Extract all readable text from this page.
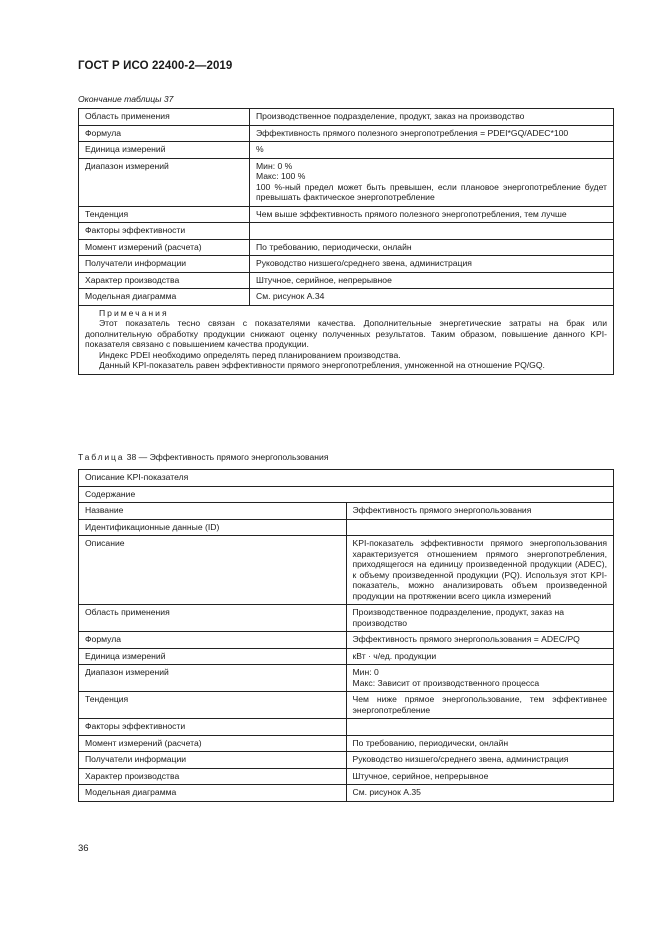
ГОСТ Р ИСО 22400-2—2019
Окончание таблицы 37
Область применения	Производственное подразделение, продукт, заказ на производство

Формула	Эффективность прямого полезного энергопотребления = PDEI*GQ/ADEC*100

Единица измерений	%

Диапазон измерений	Мин: 0 %
Макс: 100 %
100 %-ный предел может быть превышен, если плановое энергопотребление будет превышать фактическое энергопотребление

Тенденция	Чем выше эффективность прямого полезного энергопотребления, тем лучше

Факторы эффективности	

Момент измерений (расчета)	По требованию, периодически, онлайн

Получатели информации	Руководство низшего/среднего звена, администрация

Характер производства	Штучное, серийное, непрерывное

Модельная диаграмма	См. рисунок А.34

Примечания
Этот показатель тесно связан с показателями качества. Дополнительные энергетические затраты на брак или дополнительную обработку продукции снижают оценку полученных результатов. Таким образом, повышение данного KPI-показателя связано с повышением качества продукции.
Индекс PDEI необходимо определять перед планированием производства.
Данный KPI-показатель равен эффективности прямого энергопотребления, умноженной на отношение PQ/GQ.	
Таблица 38 — Эффективность прямого энергопользования
Описание KPI-показателя	
Содержание	
Название	Эффективность прямого энергопользования

Идентификационные данные (ID)	

Описание	KPI-показатель эффективности прямого энергопользования характеризуется отношением прямого энергопотребления, приходящегося на единицу произведенной продукции (ADEC), к объему произведенной продукции (PQ). Используя этот KPI-показатель, можно анализировать объем произведенной продукции на протяжении всего цикла измерений

Область применения	Производственное подразделение, продукт, заказ на производство

Формула	Эффективность прямого энергопользования = ADEC/PQ

Единица измерений	кВт · ч/ед. продукции

Диапазон измерений	Мин: 0
Макс: Зависит от производственного процесса

Тенденция	Чем ниже прямое энергопользование, тем эффективнее энергопотребление

Факторы эффективности	

Момент измерений (расчета)	По требованию, периодически, онлайн

Получатели информации	Руководство низшего/среднего звена, администрация

Характер производства	Штучное, серийное, непрерывное

Модельная диаграмма	См. рисунок А.35
36
